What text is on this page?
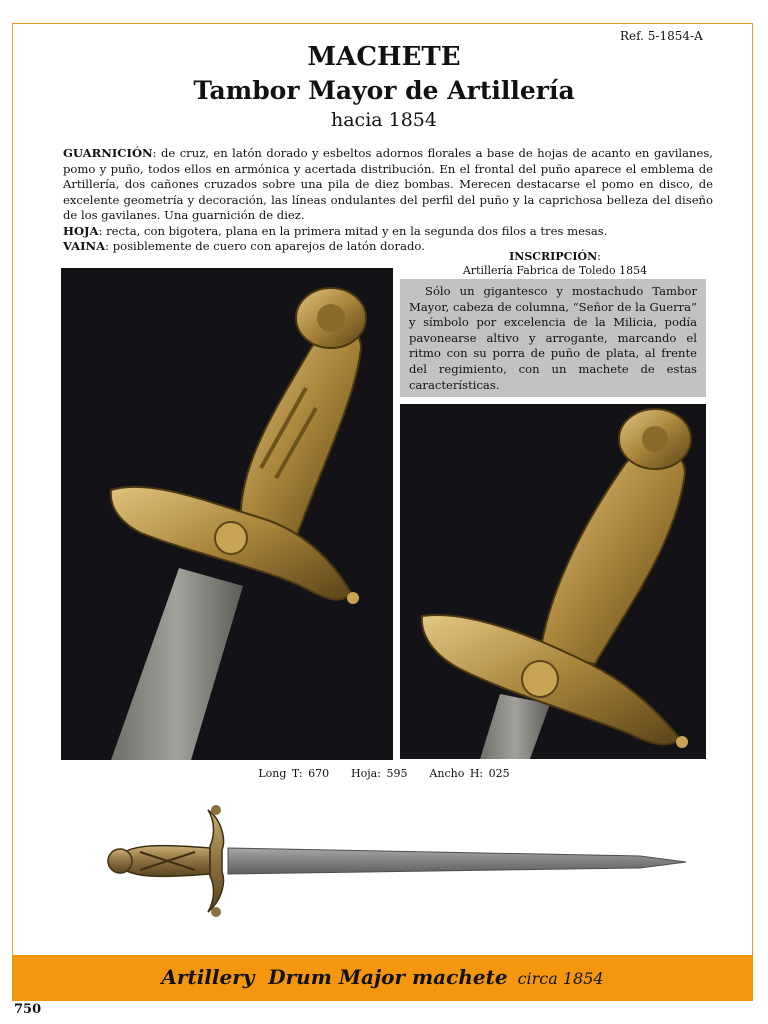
Ref. 5-1854-A
MACHETE
Tambor Mayor de Artillería
hacia 1854

GUARNICIÓN: de cruz, en latón dorado y esbeltos adornos florales a base de hojas de acanto en gavilanes, pomo y puño, todos ellos en armónica y acertada distribución. En el frontal del puño aparece el emblema de Artillería, dos cañones cruzados sobre una pila de diez bombas. Merecen destacarse el pomo en disco, de excelente geometría y decoración, las líneas ondulantes del perfil del puño y la caprichosa belleza del diseño de los gavilanes. Una guarnición de diez.

HOJA: recta, con bigotera, plana en la primera mitad y en la segunda dos filos a tres mesas.

VAINA: posiblemente de cuero con aparejos de latón dorado.

INSCRIPCIÓN:
Artillería Fabrica de Toledo 1854
Sólo un gigantesco y mostachudo Tambor Mayor, cabeza de columna, “Señor de la Guerra” y símbolo por excelencia de la Milicia, podía pavonearse altivo y arrogante, marcando el ritmo con su porra de puño de plata, al frente del regimiento, con un machete de estas características.
Long T: 670    Hoja: 595    Ancho H: 025
Artillery  Drum Major machete circa 1854
750
